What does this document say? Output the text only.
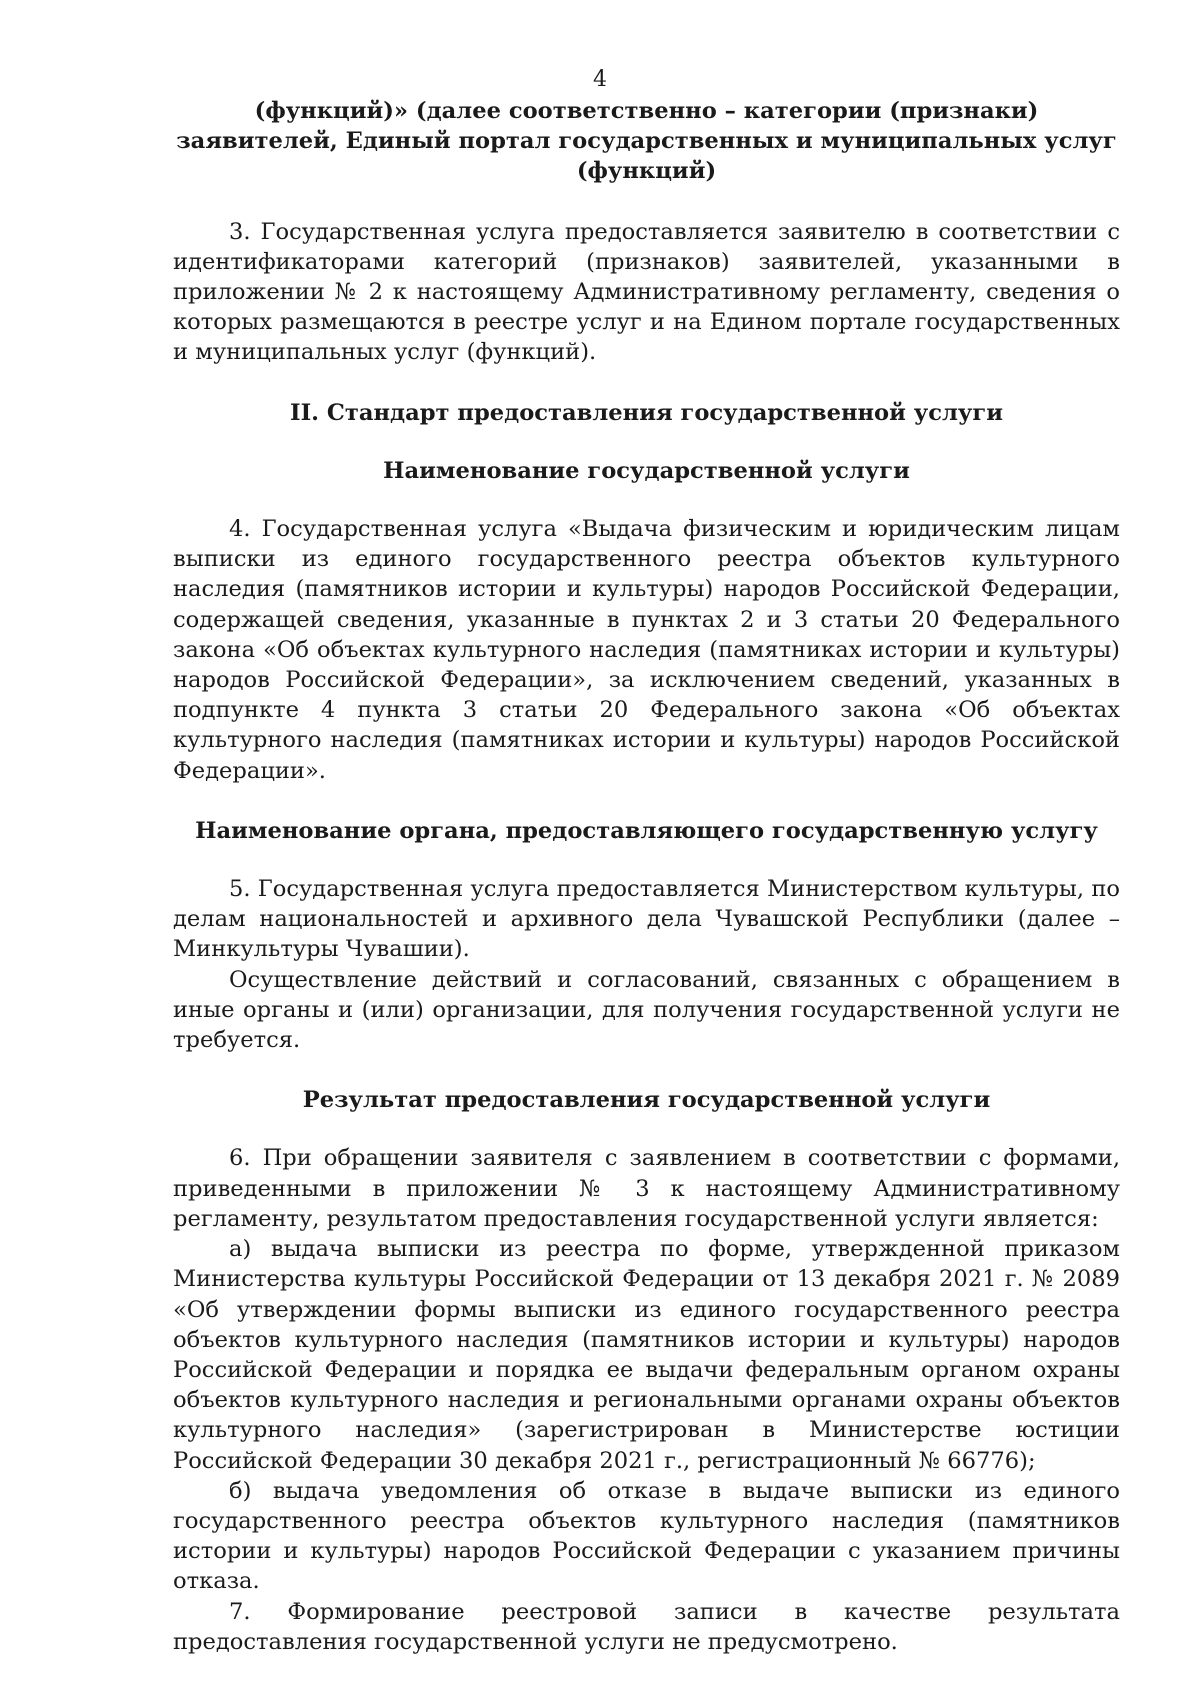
4

(функций)» (далее соответственно – категории (признаки) заявителей, Единый портал государственных и муниципальных услуг (функций)

3. Государственная услуга предоставляется заявителю в соответствии с идентификаторами категорий (признаков) заявителей, указанными в приложении № 2 к настоящему Административному регламенту, сведения о которых размещаются в реестре услуг и на Едином портале государственных и муниципальных услуг (функций).

II. Стандарт предоставления государственной услуги

Наименование государственной услуги

4. Государственная услуга «Выдача физическим и юридическим лицам выписки из единого государственного реестра объектов культурного наследия (памятников истории и культуры) народов Российской Федерации, содержащей сведения, указанные в пунктах 2 и 3 статьи 20 Федерального закона «Об объектах культурного наследия (памятниках истории и культуры) народов Российской Федерации», за исключением сведений, указанных в подпункте 4 пункта 3 статьи 20 Федерального закона «Об объектах культурного наследия (памятниках истории и культуры) народов Российской Федерации».

Наименование органа, предоставляющего государственную услугу

5. Государственная услуга предоставляется Министерством культуры, по делам национальностей и архивного дела Чувашской Республики (далее – Минкультуры Чувашии).

Осуществление действий и согласований, связанных с обращением в иные органы и (или) организации, для получения государственной услуги не требуется.

Результат предоставления государственной услуги

6. При обращении заявителя с заявлением в соответствии с формами, приведенными в приложении № 3 к настоящему Административному регламенту, результатом предоставления государственной услуги является:

а) выдача выписки из реестра по форме, утвержденной приказом Министерства культуры Российской Федерации от 13 декабря 2021 г. № 2089 «Об утверждении формы выписки из единого государственного реестра объектов культурного наследия (памятников истории и культуры) народов Российской Федерации и порядка ее выдачи федеральным органом охраны объектов культурного наследия и региональными органами охраны объектов культурного наследия» (зарегистрирован в Министерстве юстиции Российской Федерации 30 декабря 2021 г., регистрационный № 66776);

б) выдача уведомления об отказе в выдаче выписки из единого государственного реестра объектов культурного наследия (памятников истории и культуры) народов Российской Федерации с указанием причины отказа.

7. Формирование реестровой записи в качестве результата предоставления государственной услуги не предусмотрено.
